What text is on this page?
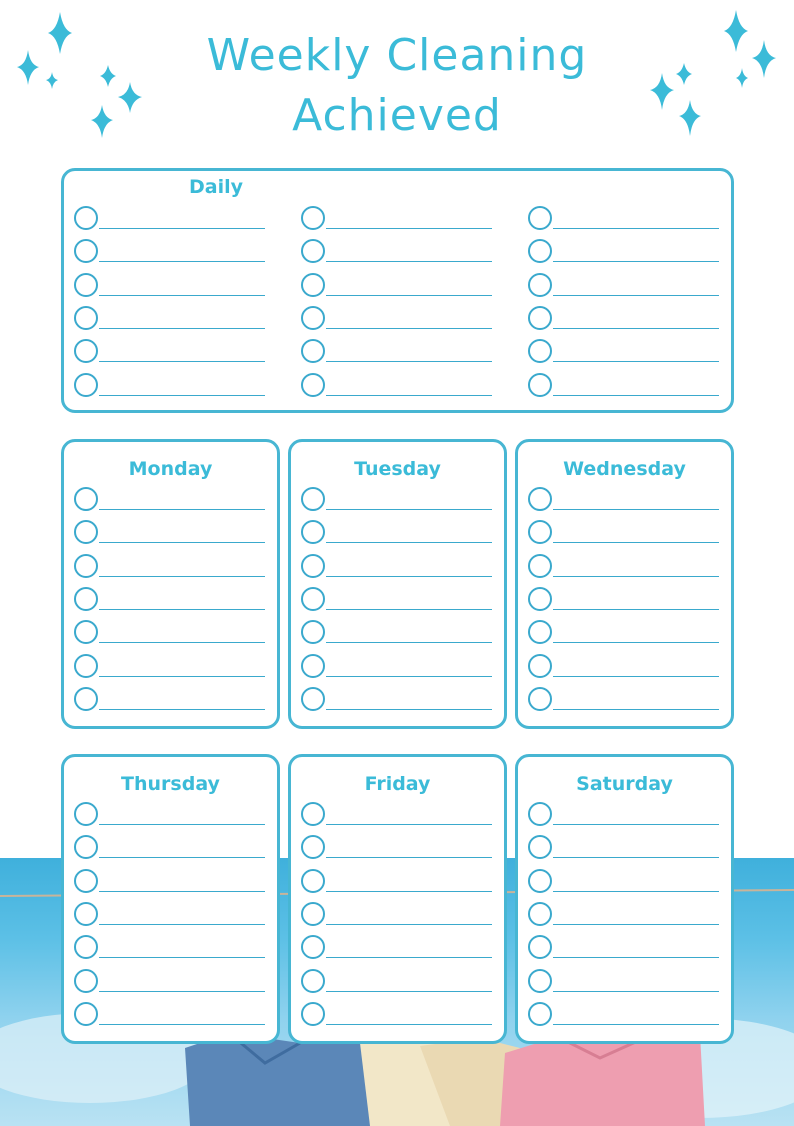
Weekly Cleaning
Achieved
Daily
Monday	Tuesday	Wednesday
Thursday	Friday	Saturday
